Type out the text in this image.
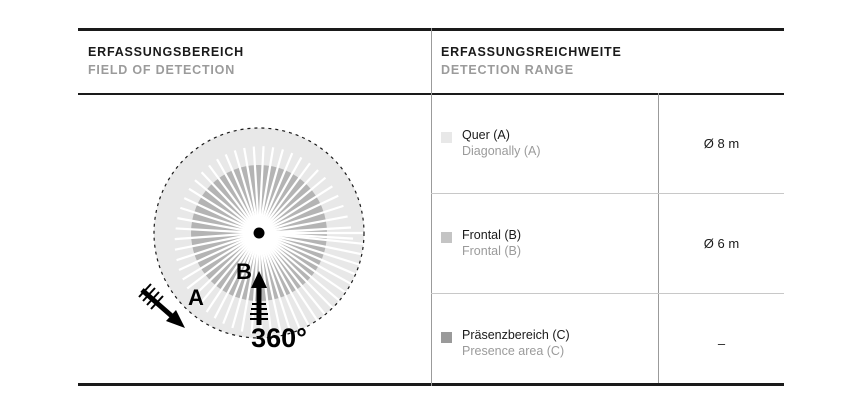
ERFASSUNGSBEREICH
FIELD OF DETECTION
ERFASSUNGSREICHWEITE
DETECTION RANGE
B
A
360°
Quer (A)
Diagonally (A)
Ø 8 m
Frontal (B)
Frontal (B)
Ø 6 m
Präsenzbereich (C)
Presence area (C)
–
